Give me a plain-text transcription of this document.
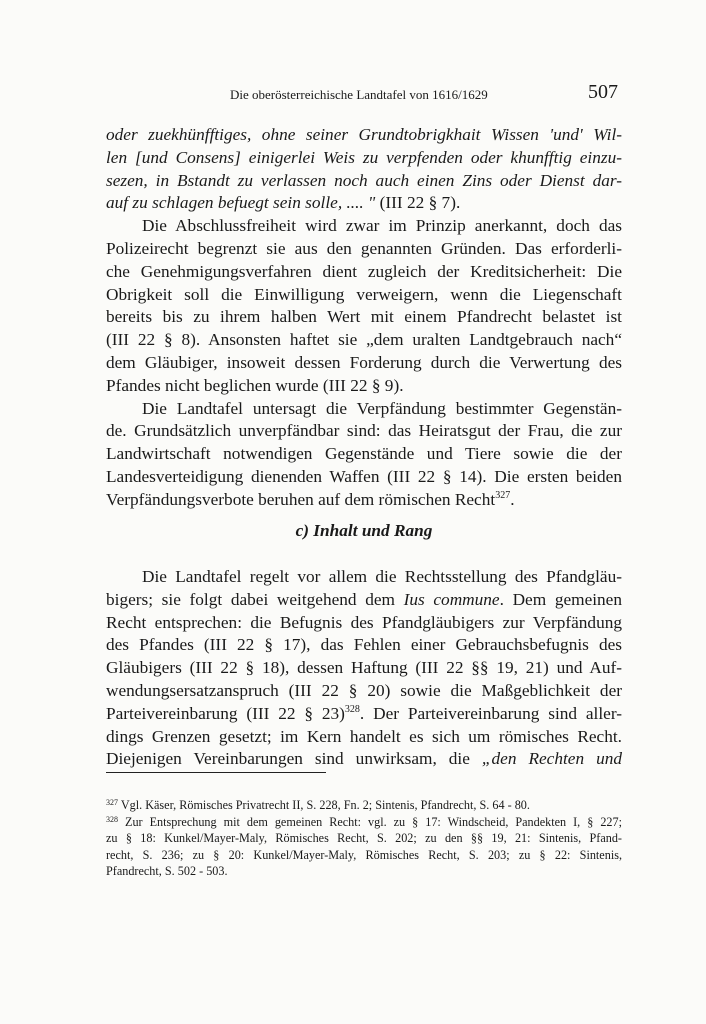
Die oberösterreichische Landtafel von 1616/1629	507
oder zuekhünfftiges, ohne seiner Grundtobrigkhait Wissen 'und' Wil-
len [und Consens] einigerlei Weis zu verpfenden oder khunfftig einzu-
sezen, in Bstandt zu verlassen noch auch einen Zins oder Dienst dar-
auf zu schlagen befuegt sein solle, .... " (III 22 § 7).
Die Abschlussfreiheit wird zwar im Prinzip anerkannt, doch das
Polizeirecht begrenzt sie aus den genannten Gründen. Das erforderli-
che Genehmigungsverfahren dient zugleich der Kreditsicherheit: Die
Obrigkeit soll die Einwilligung verweigern, wenn die Liegenschaft
bereits bis zu ihrem halben Wert mit einem Pfandrecht belastet ist
(III 22 § 8). Ansonsten haftet sie „dem uralten Landtgebrauch nach“
dem Gläubiger, insoweit dessen Forderung durch die Verwertung des
Pfandes nicht beglichen wurde (III 22 § 9).
Die Landtafel untersagt die Verpfändung bestimmter Gegenstän-
de. Grundsätzlich unverpfändbar sind: das Heiratsgut der Frau, die zur
Landwirtschaft notwendigen Gegenstände und Tiere sowie die der
Landesverteidigung dienenden Waffen (III 22 § 14). Die ersten beiden
Verpfändungsverbote beruhen auf dem römischen Recht$^{327}$.
c) Inhalt und Rang
Die Landtafel regelt vor allem die Rechtsstellung des Pfandgläu-
bigers; sie folgt dabei weitgehend dem Ius commune. Dem gemeinen
Recht entsprechen: die Befugnis des Pfandgläubigers zur Verpfändung
des Pfandes (III 22 § 17), das Fehlen einer Gebrauchsbefugnis des
Gläubigers (III 22 § 18), dessen Haftung (III 22 §§ 19, 21) und Auf-
wendungsersatzanspruch (III 22 § 20) sowie die Maßgeblichkeit der
Parteivereinbarung (III 22 § 23)$^{328}$. Der Parteivereinbarung sind aller-
dings Grenzen gesetzt; im Kern handelt es sich um römisches Recht.
Diejenigen Vereinbarungen sind unwirksam, die „den Rechten und
$^{327}$ Vgl. Käser, Römisches Privatrecht II, S. 228, Fn. 2; Sintenis, Pfandrecht, S. 64 - 80.
$^{328}$ Zur Entsprechung mit dem gemeinen Recht: vgl. zu § 17: Windscheid, Pandekten I, § 227;
zu § 18: Kunkel/Mayer-Maly, Römisches Recht, S. 202; zu den §§ 19, 21: Sintenis, Pfand-
recht, S. 236; zu § 20: Kunkel/Mayer-Maly, Römisches Recht, S. 203; zu § 22: Sintenis,
Pfandrecht, S. 502 - 503.
